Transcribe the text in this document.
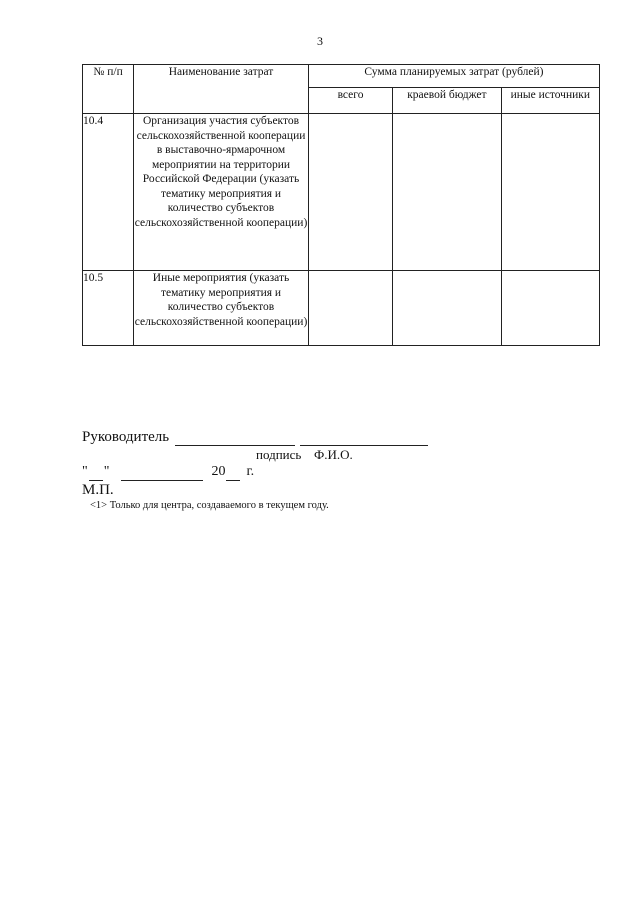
3
№ п/п	Наименование затрат	Сумма планируемых затрат (рублей)		
		всего	краевой бюджет	иные источники
10.4	Организация участия субъектов сельскохозяйственной кооперации в выставочно-ярмарочном мероприятии на территории Российской Федерации (указать тематику мероприятия и количество субъектов сельскохозяйственной кооперации)			
10.5	Иные мероприятия (указать тематику мероприятия и количество субъектов сельскохозяйственной кооперации)			
Руководитель
подпись Ф.И.О.
" "	20 г.
М.П.
<1> Только для центра, создаваемого в текущем году.
